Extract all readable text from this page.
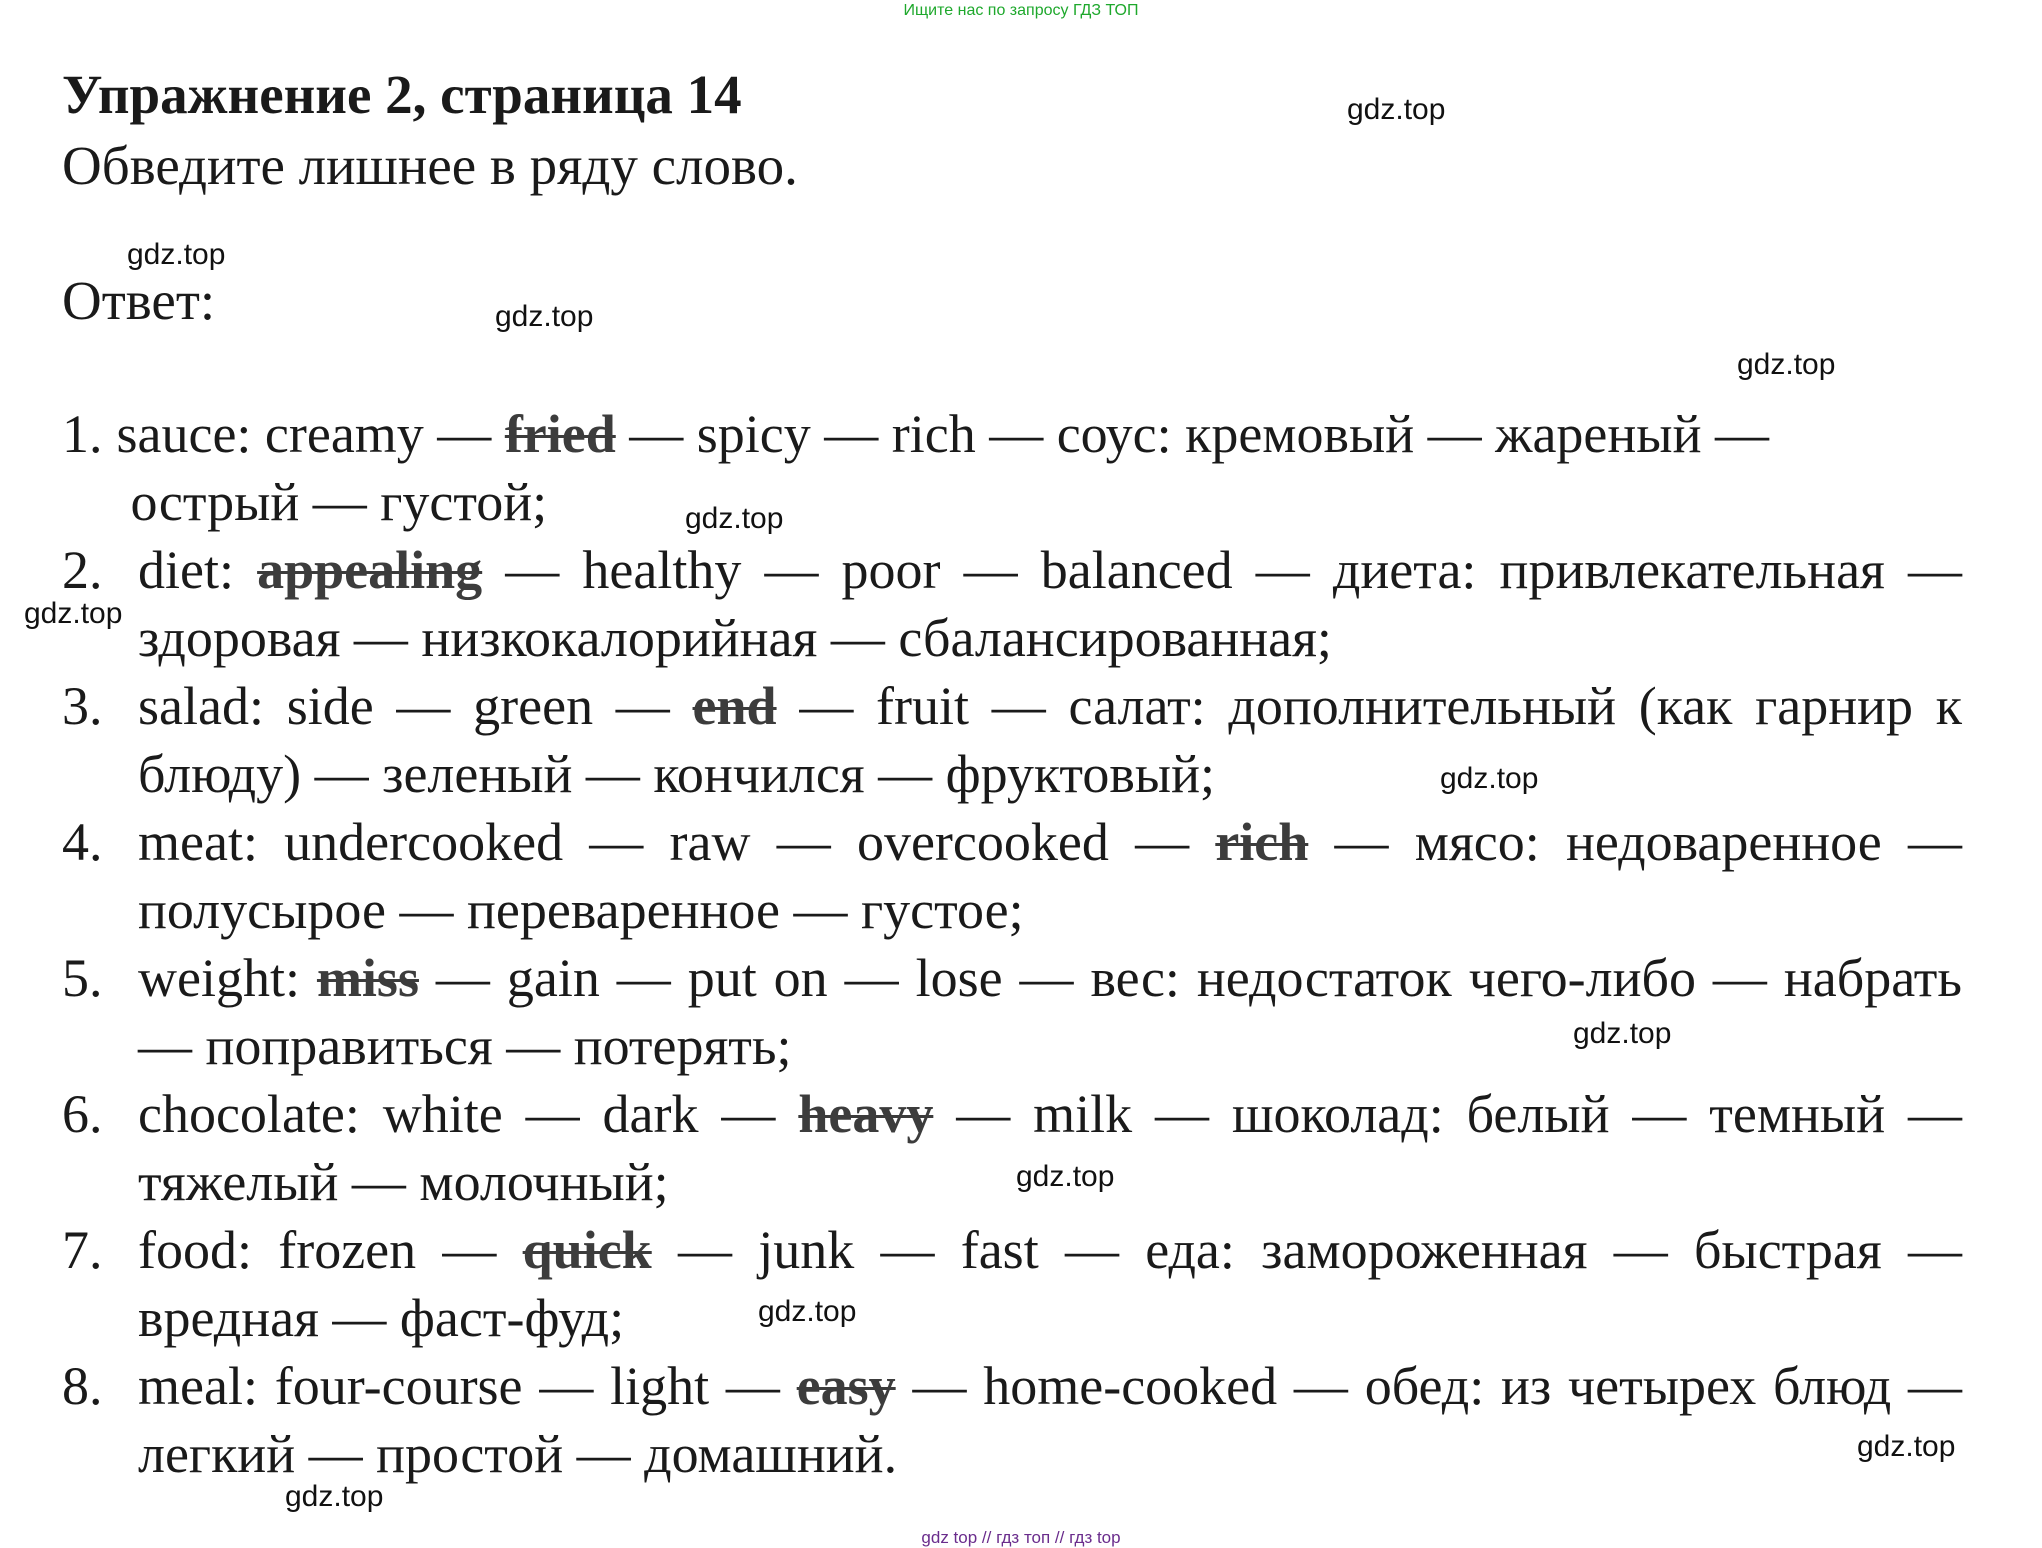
Ищите нас по запросу ГДЗ ТОП
Упражнение 2, страница 14
Обведите лишнее в ряду слово.
Ответ:
1. sauce: creamy — fried — spicy — rich — соус: кремовый — жареный —
острый — густой;
2. diet: appealing — healthy — poor — balanced — диета: привлекательная — здоровая — низкокалорийная — сбалансированная;
3. salad: side — green — end — fruit — салат: дополнительный (как гарнир к блюду) — зеленый — кончился — фруктовый;
4. meat: undercooked — raw — overcooked — rich — мясо: недоваренное — полусырое — переваренное — густое;
5. weight: miss — gain — put on — lose — вес: недостаток чего-либо — набрать — поправиться — потерять;
6. chocolate: white — dark — heavy — milk — шоколад: белый — темный — тяжелый — молочный;
7. food: frozen — quick — junk — fast — еда: замороженная — быстрая — вредная — фаст-фуд;
8. meal: four-course — light — easy — home-cooked — обед: из четырех блюд — легкий — простой — домашний.
gdz.top
gdz.top
gdz.top
gdz.top
gdz.top
gdz.top
gdz.top
gdz.top
gdz.top
gdz.top
gdz.top
gdz.top
gdz top // гдз топ // гдз top
